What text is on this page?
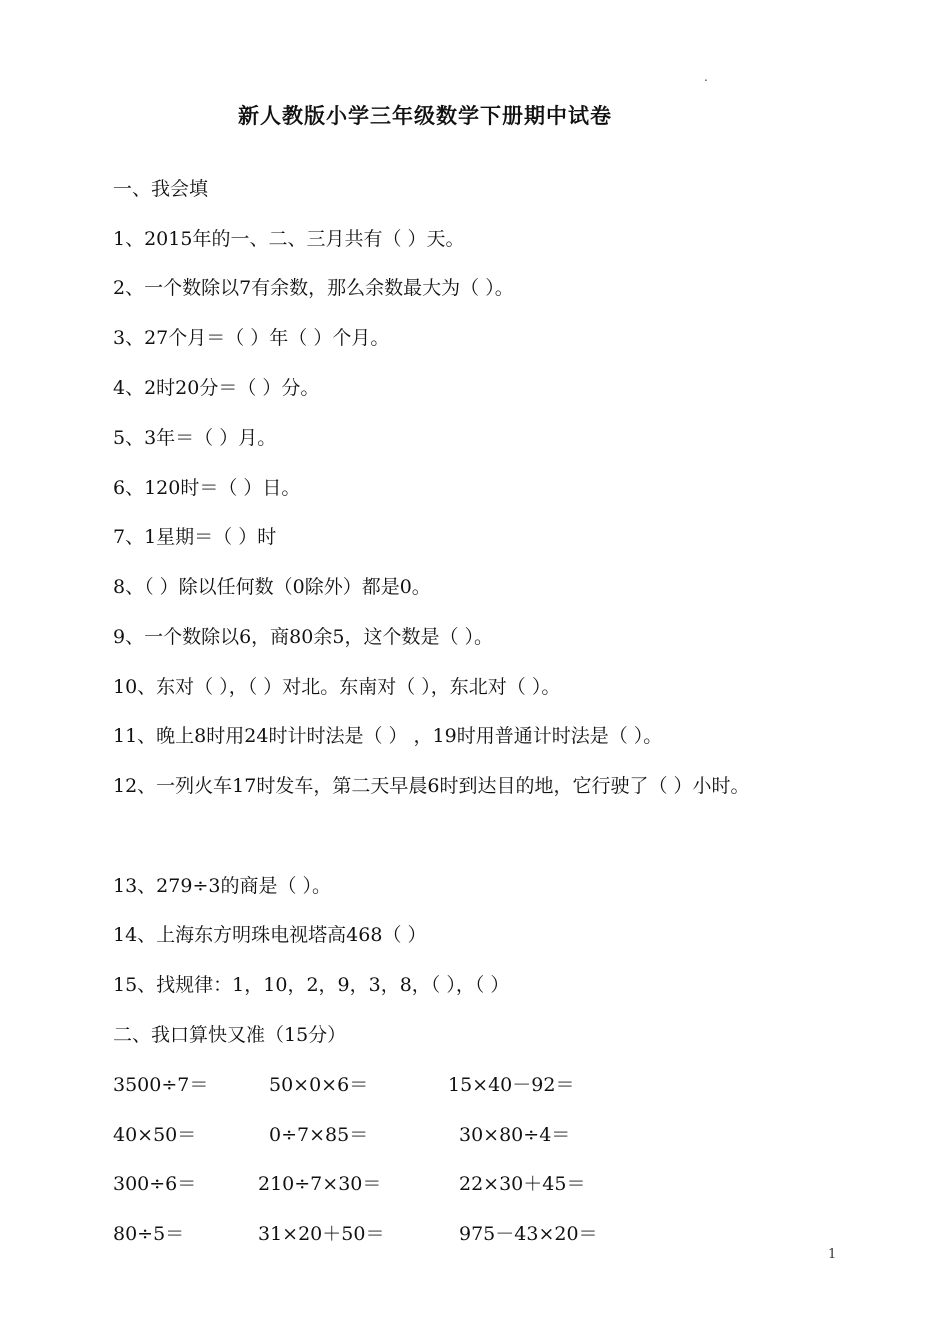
.
新人教版小学三年级数学下册期中试卷
一、我会填
1、2015年的一、二、三月共有（ ）天。
2、一个数除以7有余数，那么余数最大为（ ）。
3、27个月＝（ ）年（ ）个月。
4、2时20分＝（ ）分。
5、3年＝（ ）月。
6、120时＝（ ）日。
7、1星期＝（ ）时
8、（ ）除以任何数（0除外）都是0。
9、一个数除以6，商80余5，这个数是（ ）。
10、东对（ ），（ ）对北。东南对（ ），东北对（ ）。
11、晚上8时用24时计时法是（ ） ，19时用普通计时法是（ ）。
12、一列火车17时发车，第二天早晨6时到达目的地，它行驶了（ ）小时。
13、279÷3的商是（ ）。
14、上海东方明珠电视塔高468（ ）
15、找规律：1，10，2，9，3，8，（ ），（ ）
二、我口算快又准（15分）
3500÷7＝	50×0×6＝	15×40－92＝
40×50＝	0÷7×85＝	30×80÷4＝
300÷6＝	210÷7×30＝	22×30＋45＝
80÷5＝	31×20＋50＝	975－43×20＝
1
